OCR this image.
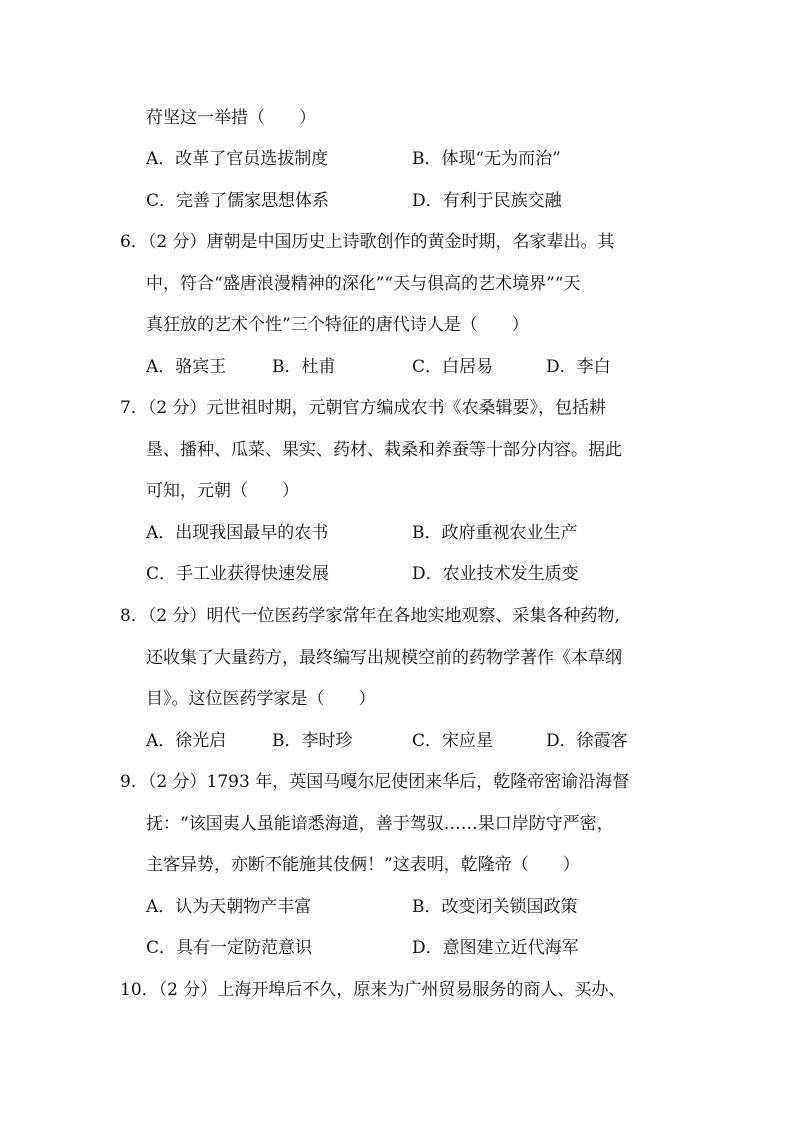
苻坚这一举措（　　）
A．改革了官员选拔制度	B．体现“无为而治”
C．完善了儒家思想体系	D．有利于民族交融
6．（2 分）唐朝是中国历史上诗歌创作的黄金时期，名家辈出。其
中，符合“盛唐浪漫精神的深化”“天与俱高的艺术境界”“天
真狂放的艺术个性”三个特征的唐代诗人是（　　）
A．骆宾王	B．杜甫	C．白居易	D．李白
7．（2 分）元世祖时期，元朝官方编成农书《农桑辑要》，包括耕
垦、播种、瓜菜、果实、药材、栽桑和养蚕等十部分内容。据此
可知，元朝（　　）
A．出现我国最早的农书	B．政府重视农业生产
C．手工业获得快速发展	D．农业技术发生质变
8．（2 分）明代一位医药学家常年在各地实地观察、采集各种药物,
还收集了大量药方，最终编写出规模空前的药物学著作《本草纲
目》。这位医药学家是（　　）
A．徐光启	B．李时珍	C．宋应星	D．徐霞客
9．（2 分）1793 年，英国马嘎尔尼使团来华后，乾隆帝密谕沿海督
抚：“该国夷人虽能谙悉海道，善于驾驭……果口岸防守严密，
主客异势，亦断不能施其伎俩！”这表明，乾隆帝（　　）
A．认为天朝物产丰富	B．改变闭关锁国政策
C．具有一定防范意识	D．意图建立近代海军
10．（2 分）上海开埠后不久，原来为广州贸易服务的商人、买办、
